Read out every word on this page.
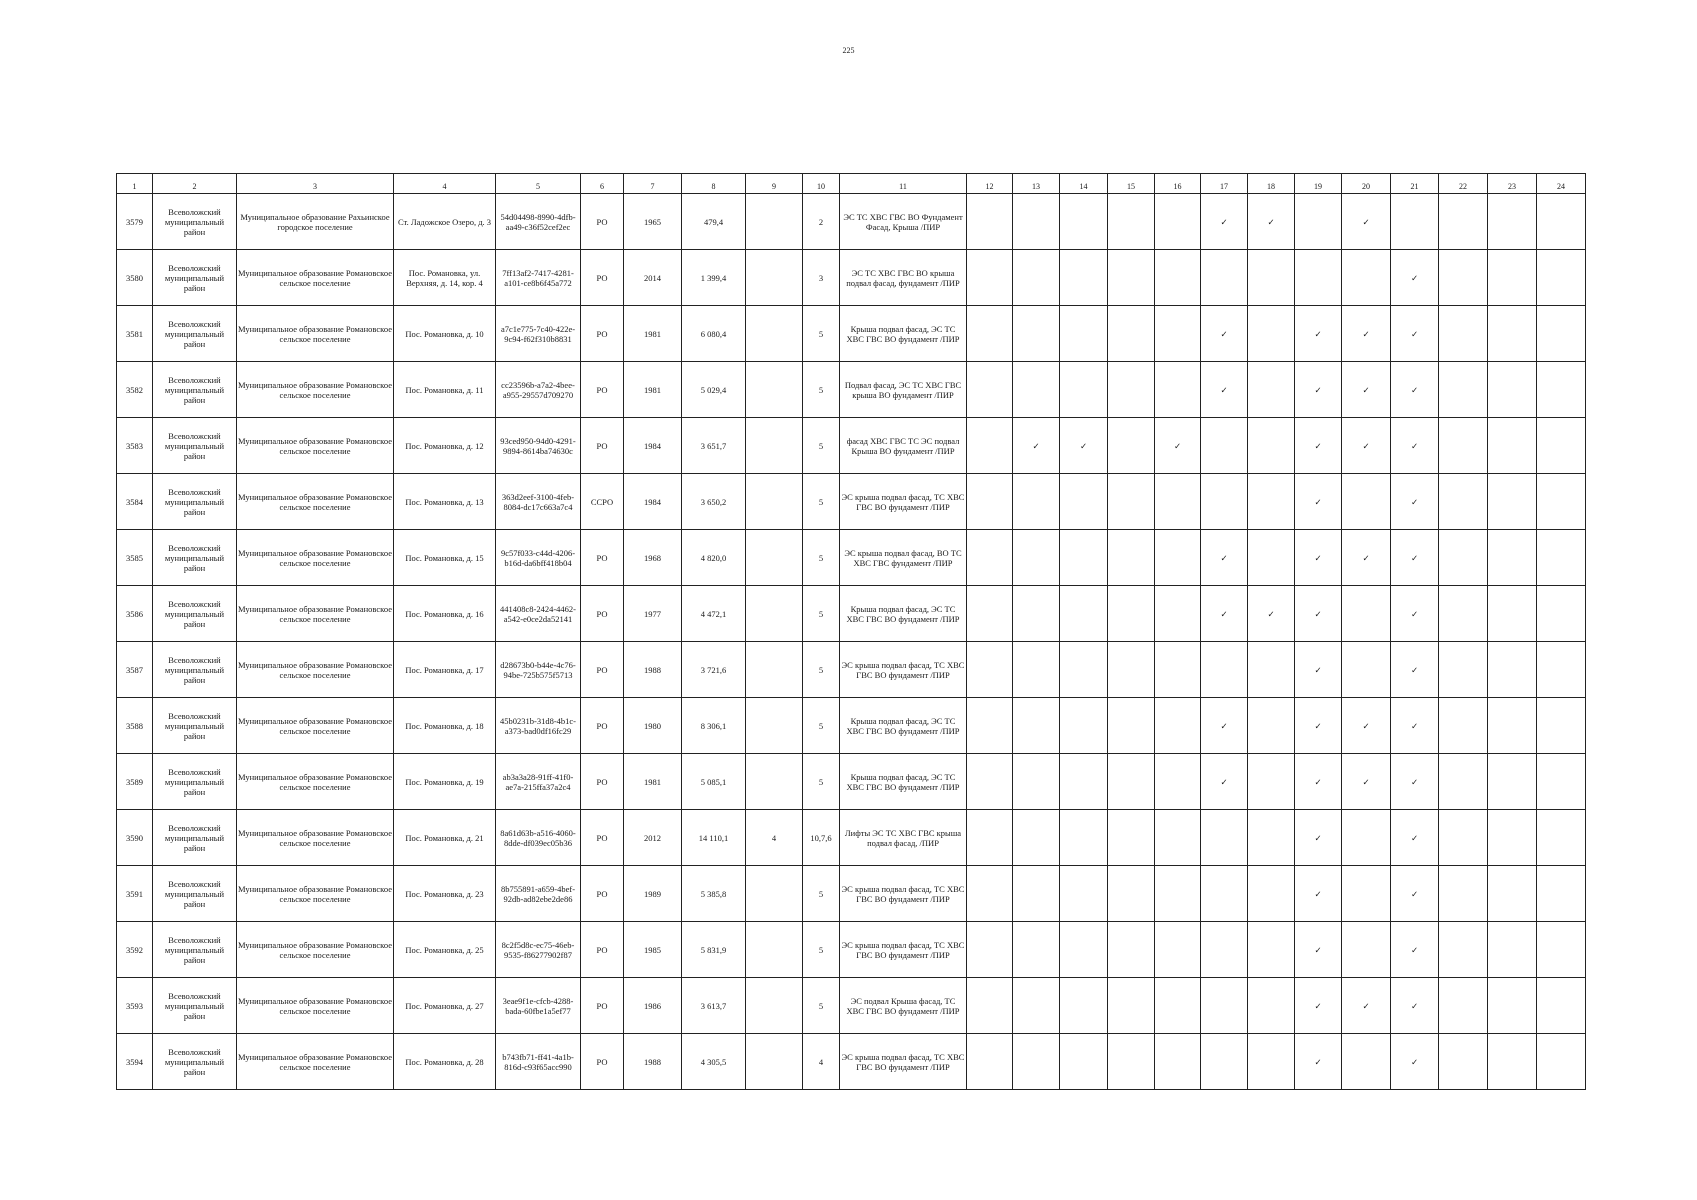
225
1	2	3	4	5	6	7	8	9	10	11	12	13	14	15	16	17	18	19	20	21	22	23	24
3579	Всеволожский муниципальный район	Муниципальное образование Рахьинское городское поселение	Ст. Ладожское Озеро, д. 3	54d04498-8990-4dfb-aa49-c36f52cef2ec	РО	1965	479,4		2	ЭС ТС ХВС ГВС ВО Фундамент Фасад, Крыша /ПИР						✓	✓		✓				
3580	Всеволожский муниципальный район	Муниципальное образование Романовское сельское поселение	Пос. Романовка, ул. Верхняя, д. 14, кор. 4	7ff13af2-7417-4281-a101-ce8b6f45a772	РО	2014	1 399,4		3	ЭС ТС ХВС ГВС ВО крыша подвал фасад, фундамент /ПИР										✓			
3581	Всеволожский муниципальный район	Муниципальное образование Романовское сельское поселение	Пос. Романовка, д. 10	a7c1e775-7c40-422e-9c94-f62f310b8831	РО	1981	6 080,4		5	Крыша подвал фасад, ЭС ТС ХВС ГВС ВО фундамент /ПИР						✓		✓	✓	✓			
3582	Всеволожский муниципальный район	Муниципальное образование Романовское сельское поселение	Пос. Романовка, д. 11	cc23596b-a7a2-4bee-a955-29557d709270	РО	1981	5 029,4		5	Подвал фасад, ЭС ТС ХВС ГВС крыша ВО фундамент /ПИР						✓		✓	✓	✓			
3583	Всеволожский муниципальный район	Муниципальное образование Романовское сельское поселение	Пос. Романовка, д. 12	93ced950-94d0-4291-9894-8614ba74630c	РО	1984	3 651,7		5	фасад ХВС ГВС ТС ЭС подвал Крыша ВО фундамент /ПИР		✓	✓		✓			✓	✓	✓			
3584	Всеволожский муниципальный район	Муниципальное образование Романовское сельское поселение	Пос. Романовка, д. 13	363d2eef-3100-4feb-8084-dc17c663a7c4	ССРО	1984	3 650,2		5	ЭС крыша подвал фасад, ТС ХВС ГВС ВО фундамент /ПИР								✓		✓			
3585	Всеволожский муниципальный район	Муниципальное образование Романовское сельское поселение	Пос. Романовка, д. 15	9c57f033-c44d-4206-b16d-da6bff418b04	РО	1968	4 820,0		5	ЭС крыша подвал фасад, ВО ТС ХВС ГВС фундамент /ПИР						✓		✓	✓	✓			
3586	Всеволожский муниципальный район	Муниципальное образование Романовское сельское поселение	Пос. Романовка, д. 16	441408c8-2424-4462-a542-e0ce2da52141	РО	1977	4 472,1		5	Крыша подвал фасад, ЭС ТС ХВС ГВС ВО фундамент /ПИР						✓	✓	✓		✓			
3587	Всеволожский муниципальный район	Муниципальное образование Романовское сельское поселение	Пос. Романовка, д. 17	d28673b0-b44e-4c76-94be-725b575f5713	РО	1988	3 721,6		5	ЭС крыша подвал фасад, ТС ХВС ГВС ВО фундамент /ПИР								✓		✓			
3588	Всеволожский муниципальный район	Муниципальное образование Романовское сельское поселение	Пос. Романовка, д. 18	45b0231b-31d8-4b1c-a373-bad0df16fc29	РО	1980	8 306,1		5	Крыша подвал фасад, ЭС ТС ХВС ГВС ВО фундамент /ПИР						✓		✓	✓	✓			
3589	Всеволожский муниципальный район	Муниципальное образование Романовское сельское поселение	Пос. Романовка, д. 19	ab3a3a28-91ff-41f0-ae7a-215ffa37a2c4	РО	1981	5 085,1		5	Крыша подвал фасад, ЭС ТС ХВС ГВС ВО фундамент /ПИР						✓		✓	✓	✓			
3590	Всеволожский муниципальный район	Муниципальное образование Романовское сельское поселение	Пос. Романовка, д. 21	8a61d63b-a516-4060-8dde-df039ec05b36	РО	2012	14 110,1	4	10,7,6	Лифты ЭС ТС ХВС ГВС крыша подвал фасад, /ПИР								✓		✓			
3591	Всеволожский муниципальный район	Муниципальное образование Романовское сельское поселение	Пос. Романовка, д. 23	8b755891-a659-4bef-92db-ad82ebe2de86	РО	1989	5 385,8		5	ЭС крыша подвал фасад, ТС ХВС ГВС ВО фундамент /ПИР								✓		✓			
3592	Всеволожский муниципальный район	Муниципальное образование Романовское сельское поселение	Пос. Романовка, д. 25	8c2f5d8c-ec75-46eb-9535-f86277902f87	РО	1985	5 831,9		5	ЭС крыша подвал фасад, ТС ХВС ГВС ВО фундамент /ПИР								✓		✓			
3593	Всеволожский муниципальный район	Муниципальное образование Романовское сельское поселение	Пос. Романовка, д. 27	3eae9f1e-cfcb-4288-bada-60fbe1a5ef77	РО	1986	3 613,7		5	ЭС подвал Крыша фасад, ТС ХВС ГВС ВО фундамент /ПИР								✓	✓	✓			
3594	Всеволожский муниципальный район	Муниципальное образование Романовское сельское поселение	Пос. Романовка, д. 28	b743fb71-ff41-4a1b-816d-c93f65acc990	РО	1988	4 305,5		4	ЭС крыша подвал фасад, ТС ХВС ГВС ВО фундамент /ПИР								✓		✓			
